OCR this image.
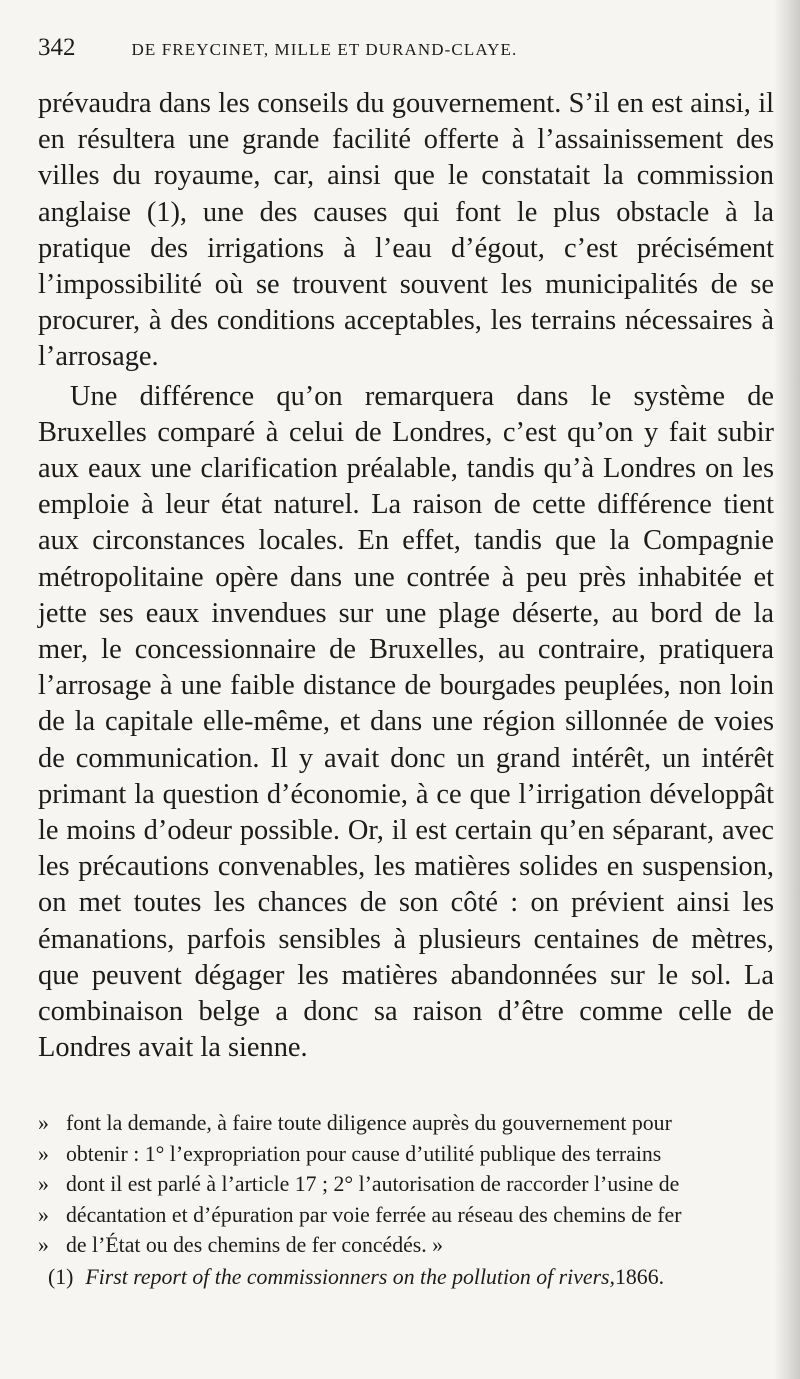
342	DE FREYCINET, MILLE ET DURAND-CLAYE.

prévaudra dans les conseils du gouvernement. S’il en est ainsi, il en résultera une grande facilité offerte à l’assainissement des villes du royaume, car, ainsi que le constatait la commission anglaise (1), une des causes qui font le plus obstacle à la pratique des irrigations à l’eau d’égout, c’est précisément l’impossibilité où se trouvent souvent les municipalités de se procurer, à des conditions acceptables, les terrains nécessaires à l’arrosage.

Une différence qu’on remarquera dans le système de Bruxelles comparé à celui de Londres, c’est qu’on y fait subir aux eaux une clarification préalable, tandis qu’à Londres on les emploie à leur état naturel. La raison de cette différence tient aux circonstances locales. En effet, tandis que la Compagnie métropolitaine opère dans une contrée à peu près inhabitée et jette ses eaux invendues sur une plage déserte, au bord de la mer, le concessionnaire de Bruxelles, au contraire, pratiquera l’arrosage à une faible distance de bourgades peuplées, non loin de la capitale elle-même, et dans une région sillonnée de voies de communication. Il y avait donc un grand intérêt, un intérêt primant la question d’économie, à ce que l’irrigation développât le moins d’odeur possible. Or, il est certain qu’en séparant, avec les précautions convenables, les matières solides en suspension, on met toutes les chances de son côté : on prévient ainsi les émanations, parfois sensibles à plusieurs centaines de mètres, que peuvent dégager les matières abandonnées sur le sol. La combinaison belge a donc sa raison d’être comme celle de Londres avait la sienne.

» font la demande, à faire toute diligence auprès du gouvernement pour
» obtenir : 1° l’expropriation pour cause d’utilité publique des terrains
» dont il est parlé à l’article 17 ; 2° l’autorisation de raccorder l’usine de
» décantation et d’épuration par voie ferrée au réseau des chemins de fer
» de l’État ou des chemins de fer concédés. »
(1) First report of the commissionners on the pollution of rivers,1866.
